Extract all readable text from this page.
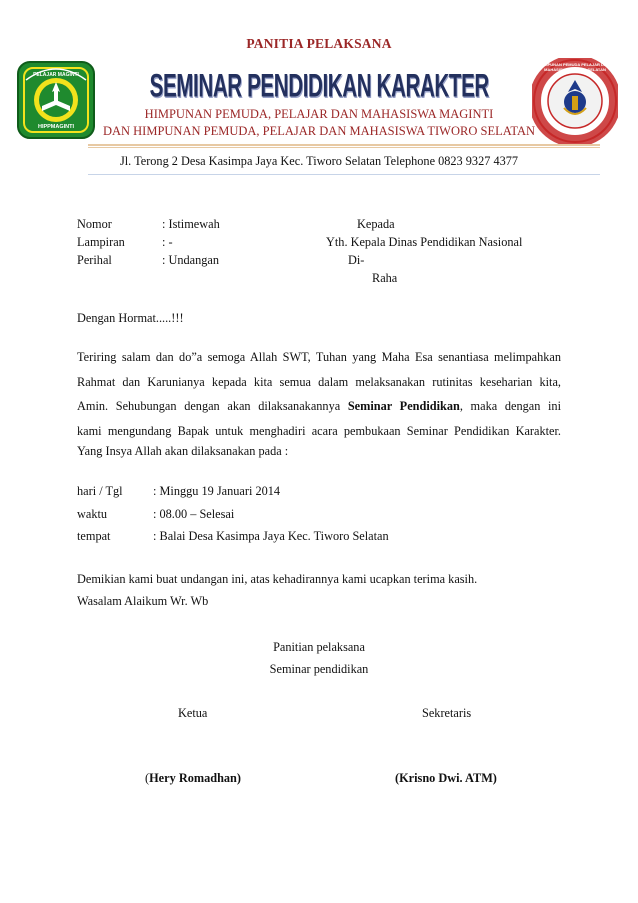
PELAJAR MAGINTI
HIPPMAGINTI
HIMPUNAN PEMUDA PELAJAR DAN MAHASISWA TIWORO SELATAN
PANITIA PELAKSANA
SEMINAR PENDIDIKAN KARAKTER
HIMPUNAN PEMUDA, PELAJAR DAN MAHASISWA MAGINTI
DAN HIMPUNAN PEMUDA, PELAJAR DAN MAHASISWA TIWORO SELATAN
Jl. Terong 2 Desa Kasimpa Jaya Kec. Tiworo Selatan Telephone 0823 9327 4377
Nomor	: Istimewah
Lampiran	: -
Perihal	: Undangan
Kepada
Yth. Kepala Dinas Pendidikan Nasional
Di-
Raha
Dengan Hormat.....!!!
Teriring salam dan do”a semoga Allah SWT, Tuhan yang Maha Esa senantiasa melimpahkan
Rahmat dan Karunianya kepada kita semua dalam melaksanakan rutinitas keseharian kita,
Amin. Sehubungan dengan akan dilaksanakannya Seminar Pendidikan, maka dengan ini
kami mengundang Bapak untuk menghadiri acara pembukaan Seminar Pendidikan Karakter.
Yang Insya Allah akan dilaksanakan pada :
hari / Tgl : Minggu 19 Januari 2014
waktu	: 08.00 – Selesai
tempat	: Balai Desa Kasimpa Jaya Kec. Tiworo Selatan
Demikian kami buat undangan ini, atas kehadirannya kami ucapkan terima kasih.
Wasalam Alaikum Wr. Wb
Panitian pelaksana
Seminar pendidikan
Ketua	Sekretaris
(Hery Romadhan)	(Krisno Dwi. ATM)
